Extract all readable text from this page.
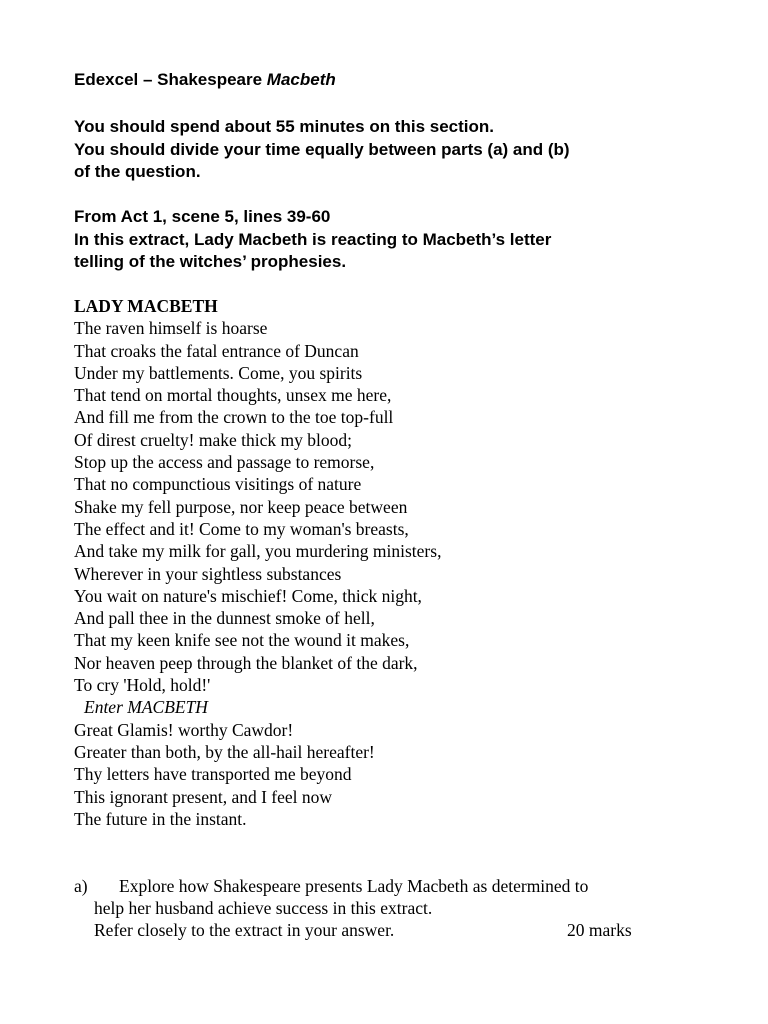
Edexcel – Shakespeare Macbeth
You should spend about 55 minutes on this section.
You should divide your time equally between parts (a) and (b)
of the question.
From Act 1, scene 5, lines 39-60
In this extract, Lady Macbeth is reacting to Macbeth’s letter
telling of the witches’ prophesies.
LADY MACBETH
The raven himself is hoarse
That croaks the fatal entrance of Duncan
Under my battlements. Come, you spirits
That tend on mortal thoughts, unsex me here,
And fill me from the crown to the toe top-full
Of direst cruelty! make thick my blood;
Stop up the access and passage to remorse,
That no compunctious visitings of nature
Shake my fell purpose, nor keep peace between
The effect and it! Come to my woman's breasts,
And take my milk for gall, you murdering ministers,
Wherever in your sightless substances
You wait on nature's mischief! Come, thick night,
And pall thee in the dunnest smoke of hell,
That my keen knife see not the wound it makes,
Nor heaven peep through the blanket of the dark,
To cry 'Hold, hold!'
Enter MACBETH
Great Glamis! worthy Cawdor!
Greater than both, by the all-hail hereafter!
Thy letters have transported me beyond
This ignorant present, and I feel now
The future in the instant.
a) Explore how Shakespeare presents Lady Macbeth as determined to
help her husband achieve success in this extract.
Refer closely to the extract in your answer.	20 marks
